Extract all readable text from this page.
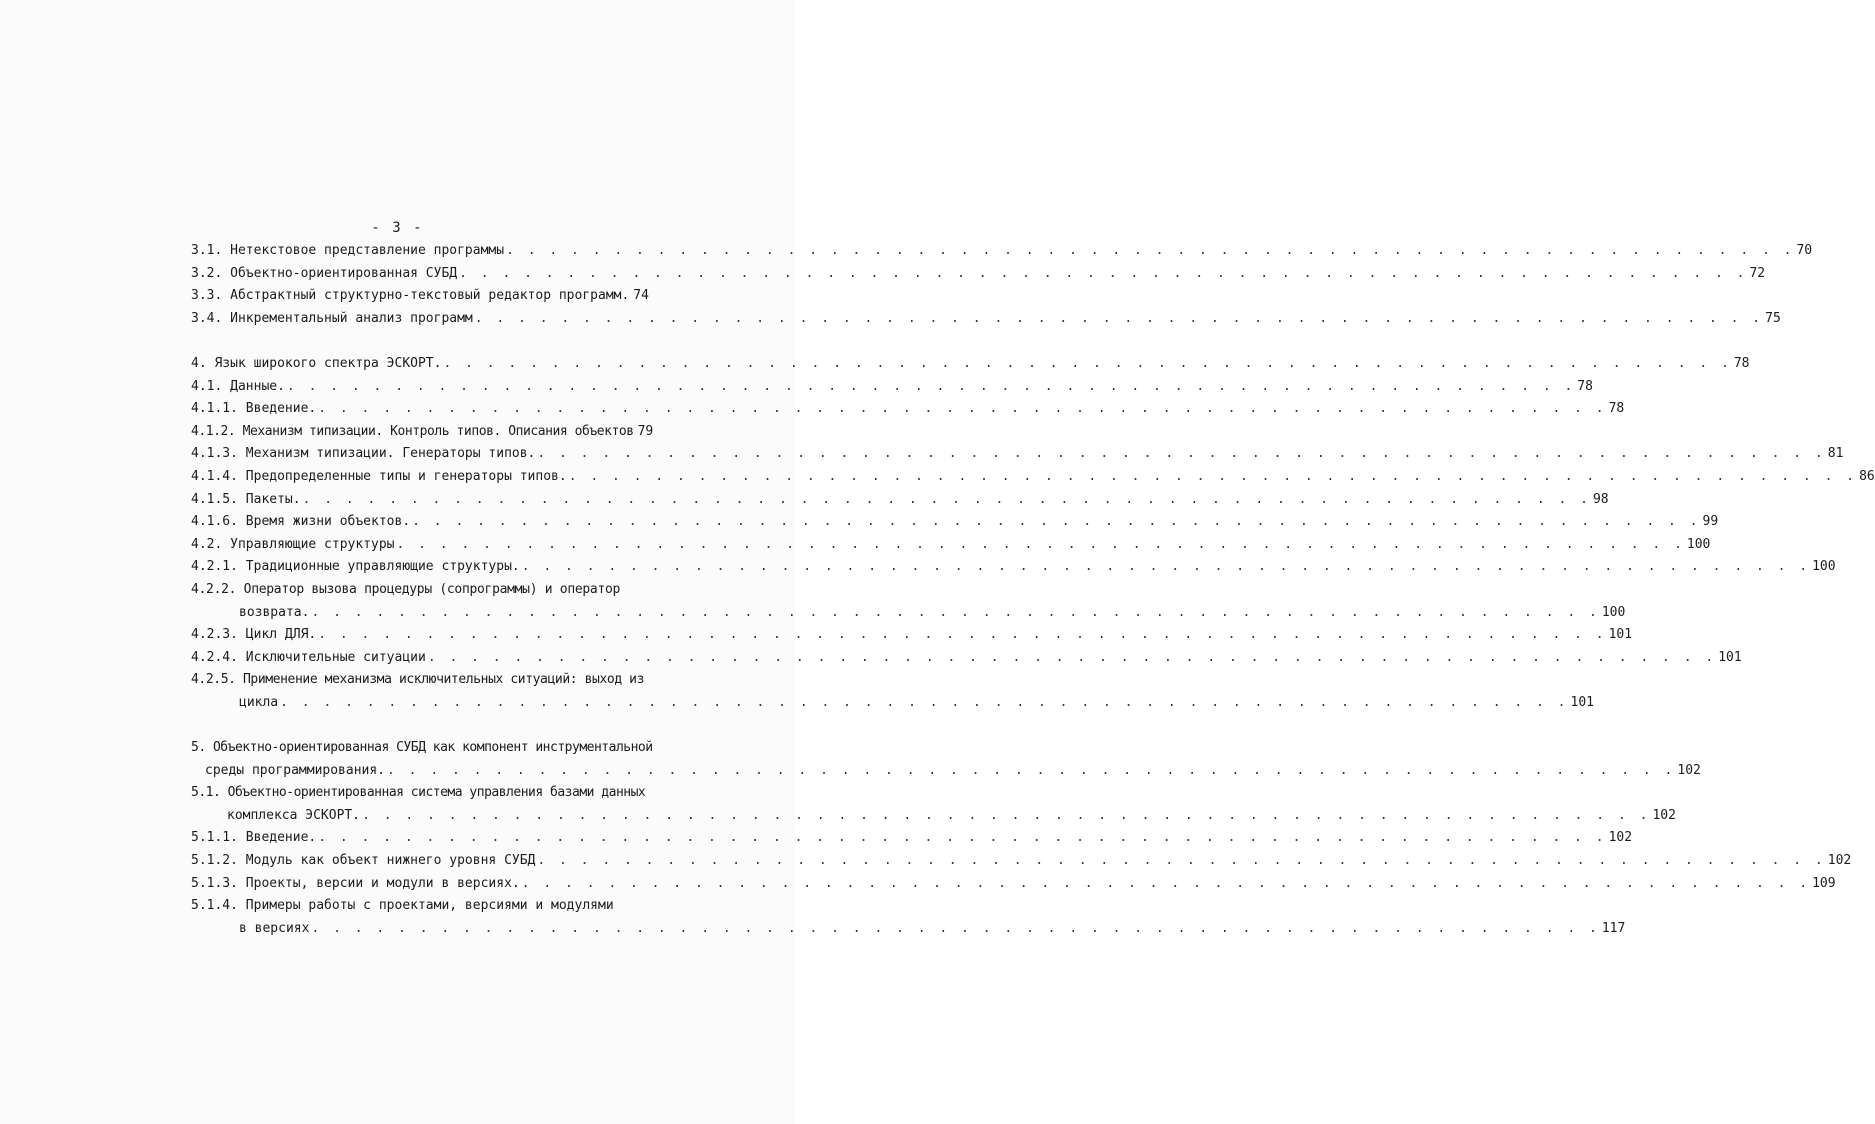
- 3 -
3.1. Нетекстовое представление программы . . . . . . . . . . . . . . . . . . . . . . . . . . . . . . . . . . . . . . . . . . . . . . . . . . . . . . . . . . . . 70
3.2. Объектно-ориентированная СУБД . . . . . . . . . . . . . . . . . . . . . . . . . . . . . . . . . . . . . . . . . . . . . . . . . . . . . . . . . . . . 72
3.3. Абстрактный структурно-текстовый редактор программ. 74
3.4. Инкрементальный анализ программ . . . . . . . . . . . . . . . . . . . . . . . . . . . . . . . . . . . . . . . . . . . . . . . . . . . . . . . . . . . . 75
4. Язык широкого спектра ЭСКОРТ. . . . . . . . . . . . . . . . . . . . . . . . . . . . . . . . . . . . . . . . . . . . . . . . . . . . . . . . . . . . . 78
4.1. Данные. . . . . . . . . . . . . . . . . . . . . . . . . . . . . . . . . . . . . . . . . . . . . . . . . . . . . . . . . . . . . 78
4.1.1. Введение. . . . . . . . . . . . . . . . . . . . . . . . . . . . . . . . . . . . . . . . . . . . . . . . . . . . . . . . . . . . . 78
4.1.2. Механизм типизации. Контроль типов. Описания объектов 79
4.1.3. Механизм типизации. Генераторы типов. . . . . . . . . . . . . . . . . . . . . . . . . . . . . . . . . . . . . . . . . . . . . . . . . . . . . . . . . . . . . 81
4.1.4. Предопределенные типы и генераторы типов. . . . . . . . . . . . . . . . . . . . . . . . . . . . . . . . . . . . . . . . . . . . . . . . . . . . . . . . . . . . . 86
4.1.5. Пакеты. . . . . . . . . . . . . . . . . . . . . . . . . . . . . . . . . . . . . . . . . . . . . . . . . . . . . . . . . . . . . 98
4.1.6. Время жизни объектов. . . . . . . . . . . . . . . . . . . . . . . . . . . . . . . . . . . . . . . . . . . . . . . . . . . . . . . . . . . . . 99
4.2. Управляющие структуры . . . . . . . . . . . . . . . . . . . . . . . . . . . . . . . . . . . . . . . . . . . . . . . . . . . . . . . . . . . . 100
4.2.1. Традиционные управляющие структуры. . . . . . . . . . . . . . . . . . . . . . . . . . . . . . . . . . . . . . . . . . . . . . . . . . . . . . . . . . . . . 100
4.2.2. Оператор вызова процедуры (сопрограммы) и оператор
возврата. . . . . . . . . . . . . . . . . . . . . . . . . . . . . . . . . . . . . . . . . . . . . . . . . . . . . . . . . . . . . 100
4.2.3. Цикл ДЛЯ. . . . . . . . . . . . . . . . . . . . . . . . . . . . . . . . . . . . . . . . . . . . . . . . . . . . . . . . . . . . . 101
4.2.4. Исключительные ситуации . . . . . . . . . . . . . . . . . . . . . . . . . . . . . . . . . . . . . . . . . . . . . . . . . . . . . . . . . . . . 101
4.2.5. Применение механизма исключительных ситуаций: выход из
цикла . . . . . . . . . . . . . . . . . . . . . . . . . . . . . . . . . . . . . . . . . . . . . . . . . . . . . . . . . . . . 101
5. Объектно-ориентированная СУБД как компонент инструментальной
среды программирования. . . . . . . . . . . . . . . . . . . . . . . . . . . . . . . . . . . . . . . . . . . . . . . . . . . . . . . . . . . . . 102
5.1. Объектно-ориентированная система управления базами данных
комплекса ЭСКОРТ. . . . . . . . . . . . . . . . . . . . . . . . . . . . . . . . . . . . . . . . . . . . . . . . . . . . . . . . . . . . . 102
5.1.1. Введение. . . . . . . . . . . . . . . . . . . . . . . . . . . . . . . . . . . . . . . . . . . . . . . . . . . . . . . . . . . . . 102
5.1.2. Модуль как объект нижнего уровня СУБД . . . . . . . . . . . . . . . . . . . . . . . . . . . . . . . . . . . . . . . . . . . . . . . . . . . . . . . . . . . . 102
5.1.3. Проекты, версии и модули в версиях. . . . . . . . . . . . . . . . . . . . . . . . . . . . . . . . . . . . . . . . . . . . . . . . . . . . . . . . . . . . . 109
5.1.4. Примеры работы с проектами, версиями и модулями
в версиях . . . . . . . . . . . . . . . . . . . . . . . . . . . . . . . . . . . . . . . . . . . . . . . . . . . . . . . . . . . . 117
